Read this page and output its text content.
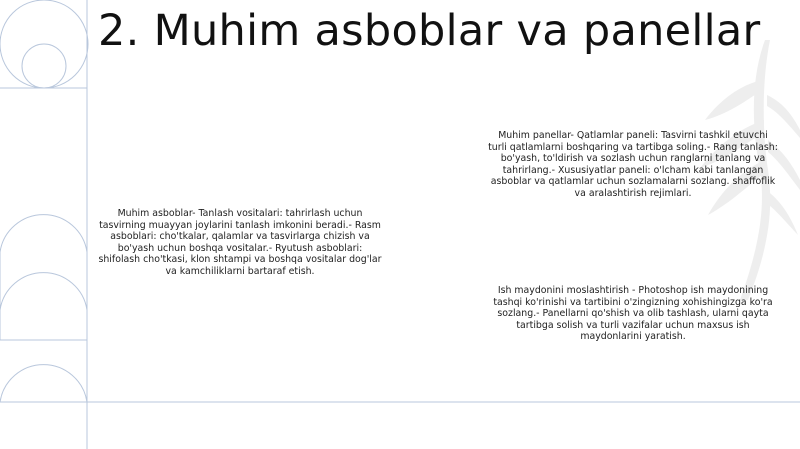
2. Muhim asboblar va panellar
Muhim asboblar- Tanlash vositalari: tahrirlash uchun tasvirning muayyan joylarini tanlash imkonini beradi.- Rasm asboblari: cho'tkalar, qalamlar va tasvirlarga chizish va bo'yash uchun boshqa vositalar.- Ryutush asboblari: shifolash cho'tkasi, klon shtampi va boshqa vositalar dog'lar va kamchiliklarni bartaraf etish.
Muhim panellar- Qatlamlar paneli: Tasvirni tashkil etuvchi turli qatlamlarni boshqaring va tartibga soling.- Rang tanlash: bo'yash, to'ldirish va sozlash uchun ranglarni tanlang va tahrirlang.- Xususiyatlar paneli: o'lcham kabi tanlangan asboblar va qatlamlar uchun sozlamalarni sozlang. shaffoflik va aralashtirish rejimlari.
Ish maydonini moslashtirish - Photoshop ish maydonining tashqi ko'rinishi va tartibini o'zingizning xohishingizga ko'ra sozlang.- Panellarni qo'shish va olib tashlash, ularni qayta tartibga solish va turli vazifalar uchun maxsus ish maydonlarini yaratish.
